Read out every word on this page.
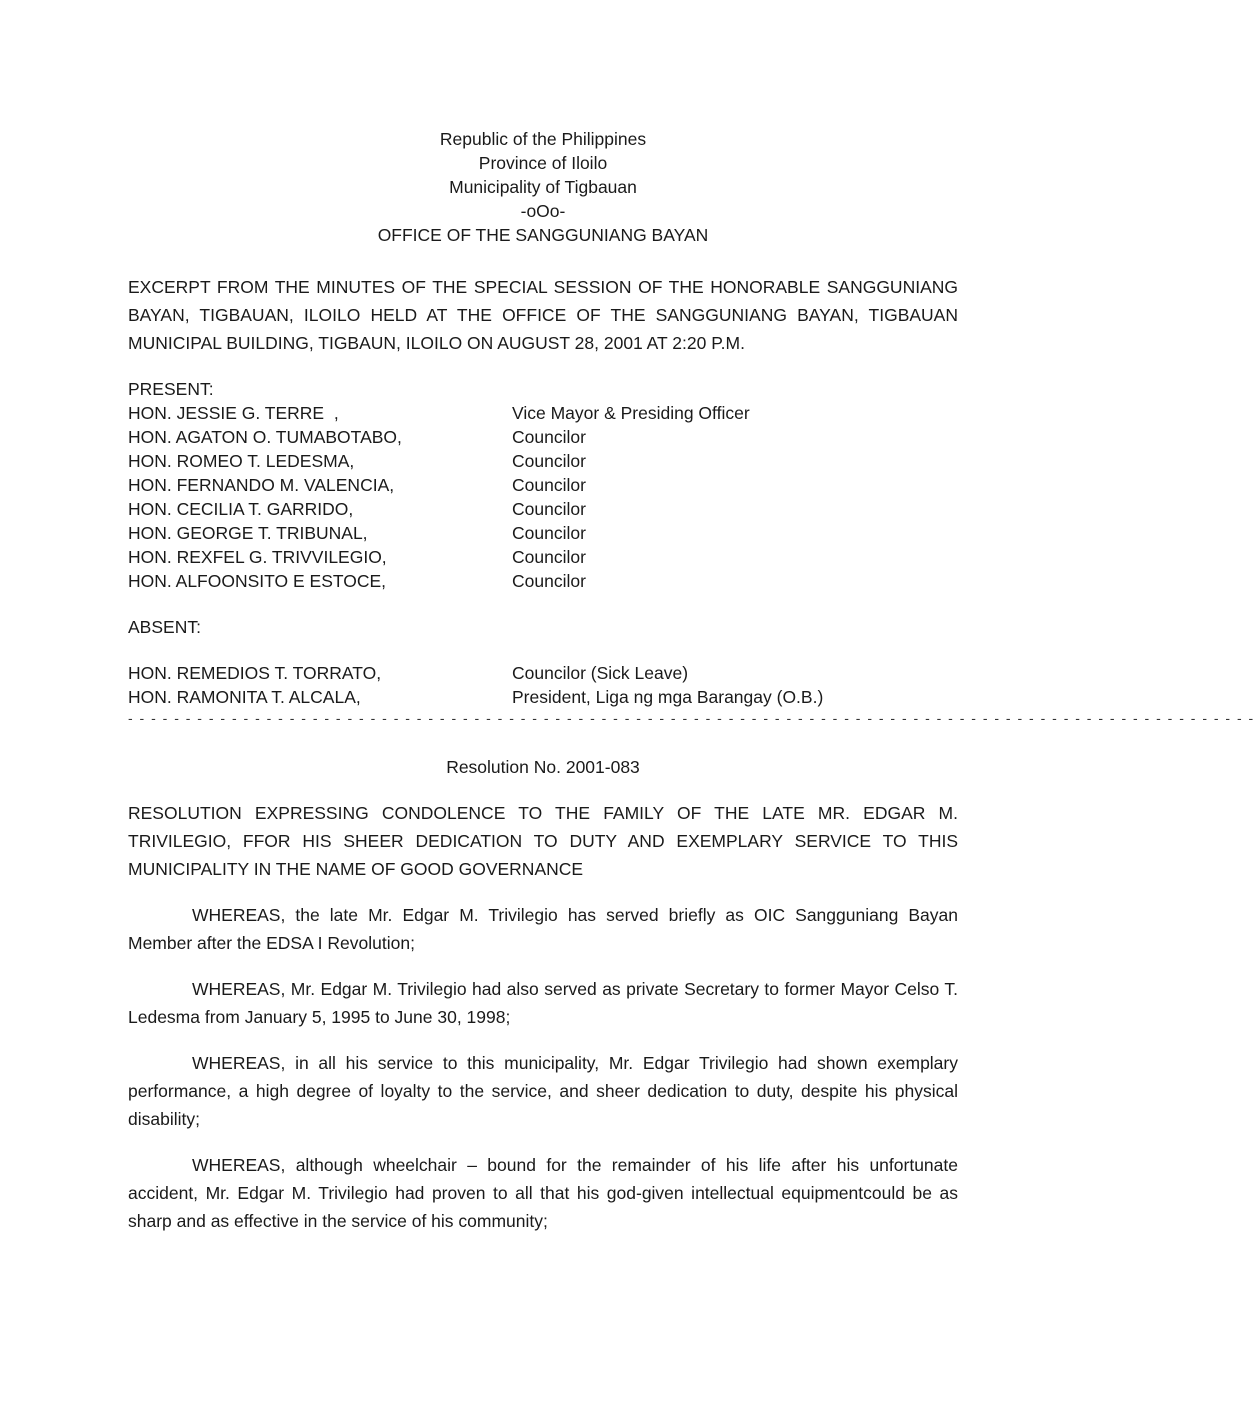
Republic of the Philippines
Province of Iloilo
Municipality of Tigbauan
-oOo-
OFFICE OF THE SANGGUNIANG BAYAN
EXCERPT FROM THE MINUTES OF THE SPECIAL SESSION OF THE HONORABLE SANGGUNIANG BAYAN, TIGBAUAN, ILOILO HELD AT THE OFFICE OF THE SANGGUNIANG BAYAN, TIGBAUAN MUNICIPAL BUILDING, TIGBAUN, ILOILO ON AUGUST 28, 2001 AT 2:20 P.M.
PRESENT:
HON. JESSIE G. TERRE  ,	Vice Mayor & Presiding Officer
HON. AGATON O. TUMABOTABO,	Councilor
HON. ROMEO T. LEDESMA,	Councilor
HON. FERNANDO M. VALENCIA,	Councilor
HON. CECILIA T. GARRIDO,	Councilor
HON. GEORGE T. TRIBUNAL,	Councilor
HON. REXFEL G. TRIVVILEGIO,	Councilor
HON. ALFOONSITO E ESTOCE,	Councilor
ABSENT:
HON. REMEDIOS T. TORRATO,	Councilor (Sick Leave)
HON. RAMONITA T. ALCALA,	President, Liga ng mga Barangay (O.B.)
- - - - - - - - - - - - - - - - - - - - - - - - - - - - - - - - - - - - - - - - - - - - - - - - - - - - - - - - - - - - - - - - - - - - - - - - - - - - - - - - - - - - - - - - - - - - - - - - - -
Resolution No. 2001-083
RESOLUTION EXPRESSING CONDOLENCE TO THE FAMILY OF THE LATE MR. EDGAR M. TRIVILEGIO, FFOR HIS SHEER DEDICATION TO DUTY AND EXEMPLARY SERVICE TO THIS MUNICIPALITY IN THE NAME OF GOOD GOVERNANCE
WHEREAS, the late Mr. Edgar M. Trivilegio has served briefly as OIC Sangguniang Bayan Member after the EDSA I Revolution;
WHEREAS, Mr. Edgar M. Trivilegio had also served as private Secretary to former Mayor Celso T. Ledesma from January 5, 1995 to June 30, 1998;
WHEREAS, in all his service to this municipality, Mr. Edgar Trivilegio had shown exemplary performance, a high degree of loyalty to the service, and sheer dedication to duty, despite his physical disability;
WHEREAS, although wheelchair – bound for the remainder of his life after his unfortunate accident, Mr. Edgar M. Trivilegio had proven to all that his god-given intellectual equipmentcould be as sharp and as effective in the service of his community;
